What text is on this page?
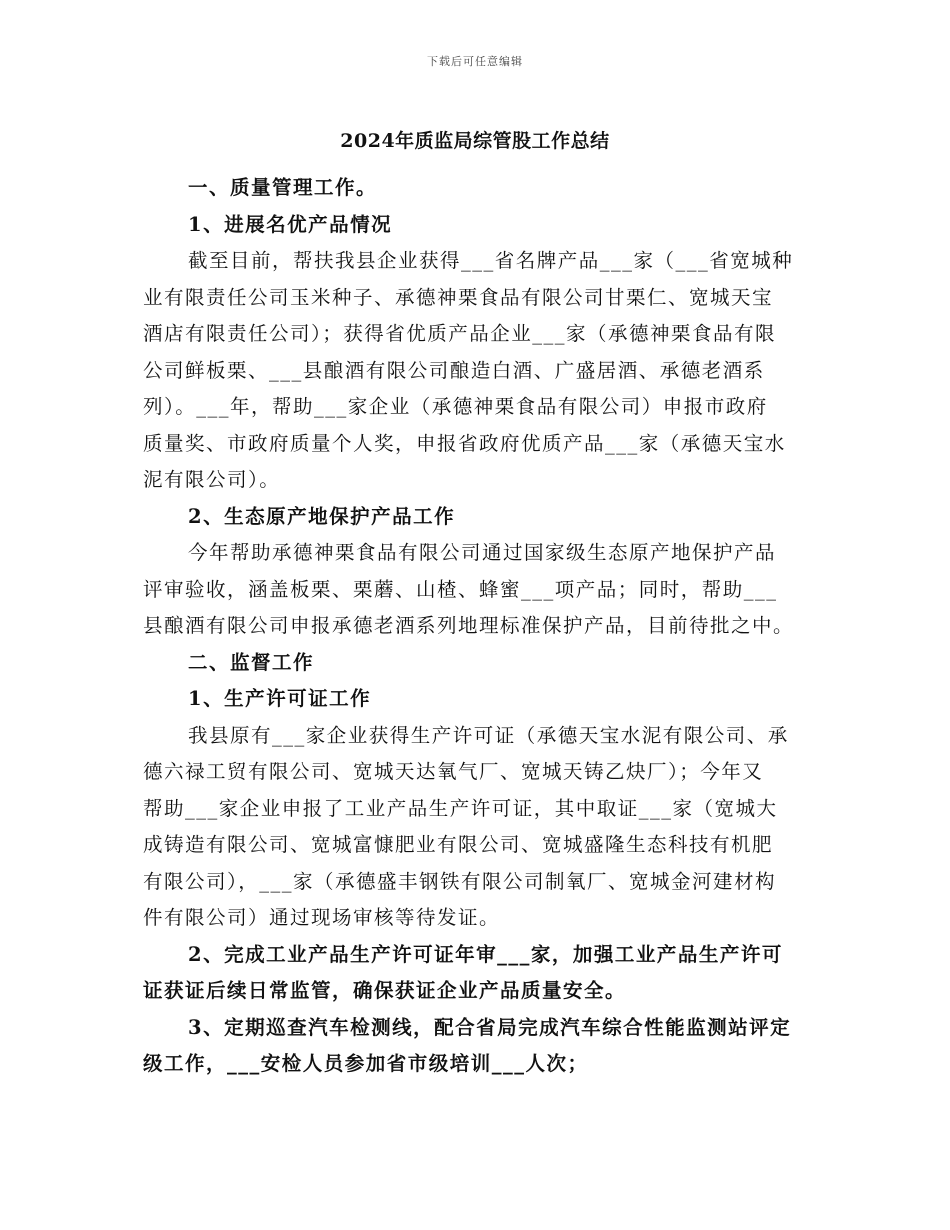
下载后可任意编辑
2024年质监局综管股工作总结
一、质量管理工作。
1、进展名优产品情况
截至目前，帮扶我县企业获得___省名牌产品___家（___省宽城种
业有限责任公司玉米种子、承德神栗食品有限公司甘栗仁、宽城天宝
酒店有限责任公司）；获得省优质产品企业___家（承德神栗食品有限
公司鲜板栗、___县酿酒有限公司酿造白酒、广盛居酒、承德老酒系
列）。___年，帮助___家企业（承德神栗食品有限公司）申报市政府
质量奖、市政府质量个人奖，申报省政府优质产品___家（承德天宝水
泥有限公司）。
2、生态原产地保护产品工作
今年帮助承德神栗食品有限公司通过国家级生态原产地保护产品
评审验收，涵盖板栗、栗蘑、山楂、蜂蜜___项产品；同时，帮助___
县酿酒有限公司申报承德老酒系列地理标准保护产品，目前待批之中。
二、监督工作
1、生产许可证工作
我县原有___家企业获得生产许可证（承德天宝水泥有限公司、承
德六禄工贸有限公司、宽城天达氧气厂、宽城天铸乙炔厂）；今年又
帮助___家企业申报了工业产品生产许可证，其中取证___家（宽城大
成铸造有限公司、宽城富慷肥业有限公司、宽城盛隆生态科技有机肥
有限公司），___家（承德盛丰钢铁有限公司制氧厂、宽城金河建材构
件有限公司）通过现场审核等待发证。
2、完成工业产品生产许可证年审___家，加强工业产品生产许可
证获证后续日常监管，确保获证企业产品质量安全。
3、定期巡查汽车检测线，配合省局完成汽车综合性能监测站评定
级工作，___安检人员参加省市级培训___人次；
